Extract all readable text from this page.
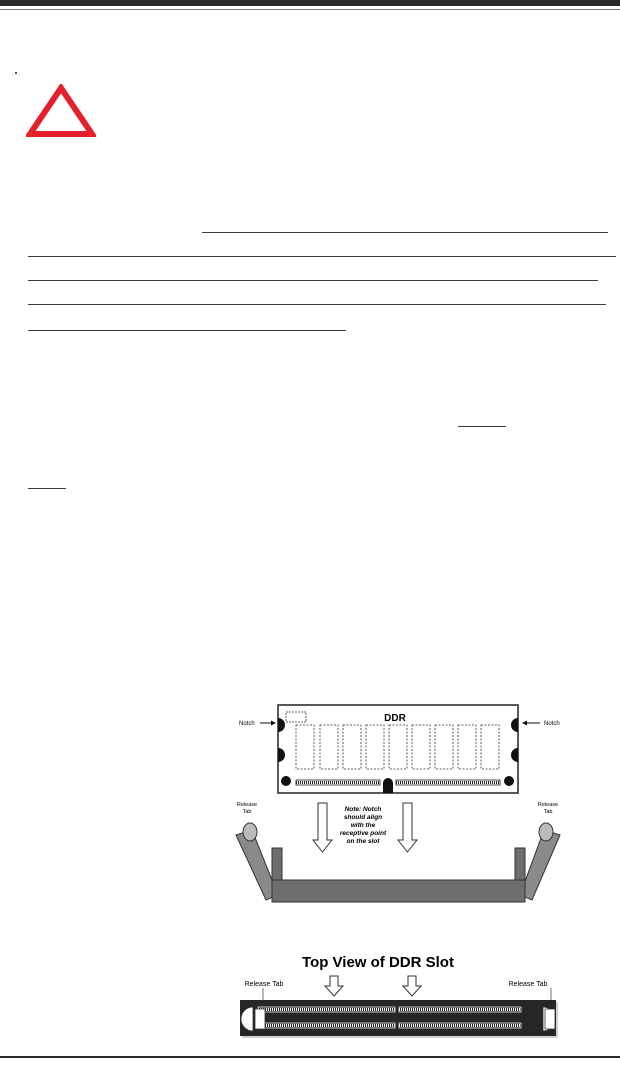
DDR
Notch	Notch
Release
Tab
Release
Tab
Note: Notch
should align
with the
receptive point
on the slot
Top View of DDR Slot
Release Tab	Release Tab
